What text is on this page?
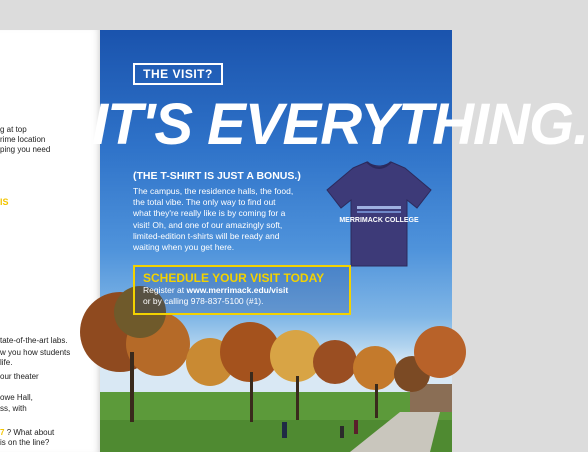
g at top
rime location
ping you need
IS
tate-of-the-art labs.
w you how students
life.
our theater
owe Hall,
ss, with
7 ? What about
is on the line?
THE VISIT?
IT'S EVERYTHING.
(THE T-SHIRT IS JUST A BONUS.)
The campus, the residence halls, the food,
the total vibe. The only way to find out
what they're really like is by coming for a
visit! Oh, and one of our amazingly soft,
limited-edition t-shirts will be ready and
waiting when you get here.
MERRIMACK COLLEGE
SCHEDULE YOUR VISIT TODAY
Register at www.merrimack.edu/visit
or by calling 978-837-5100 (#1).
